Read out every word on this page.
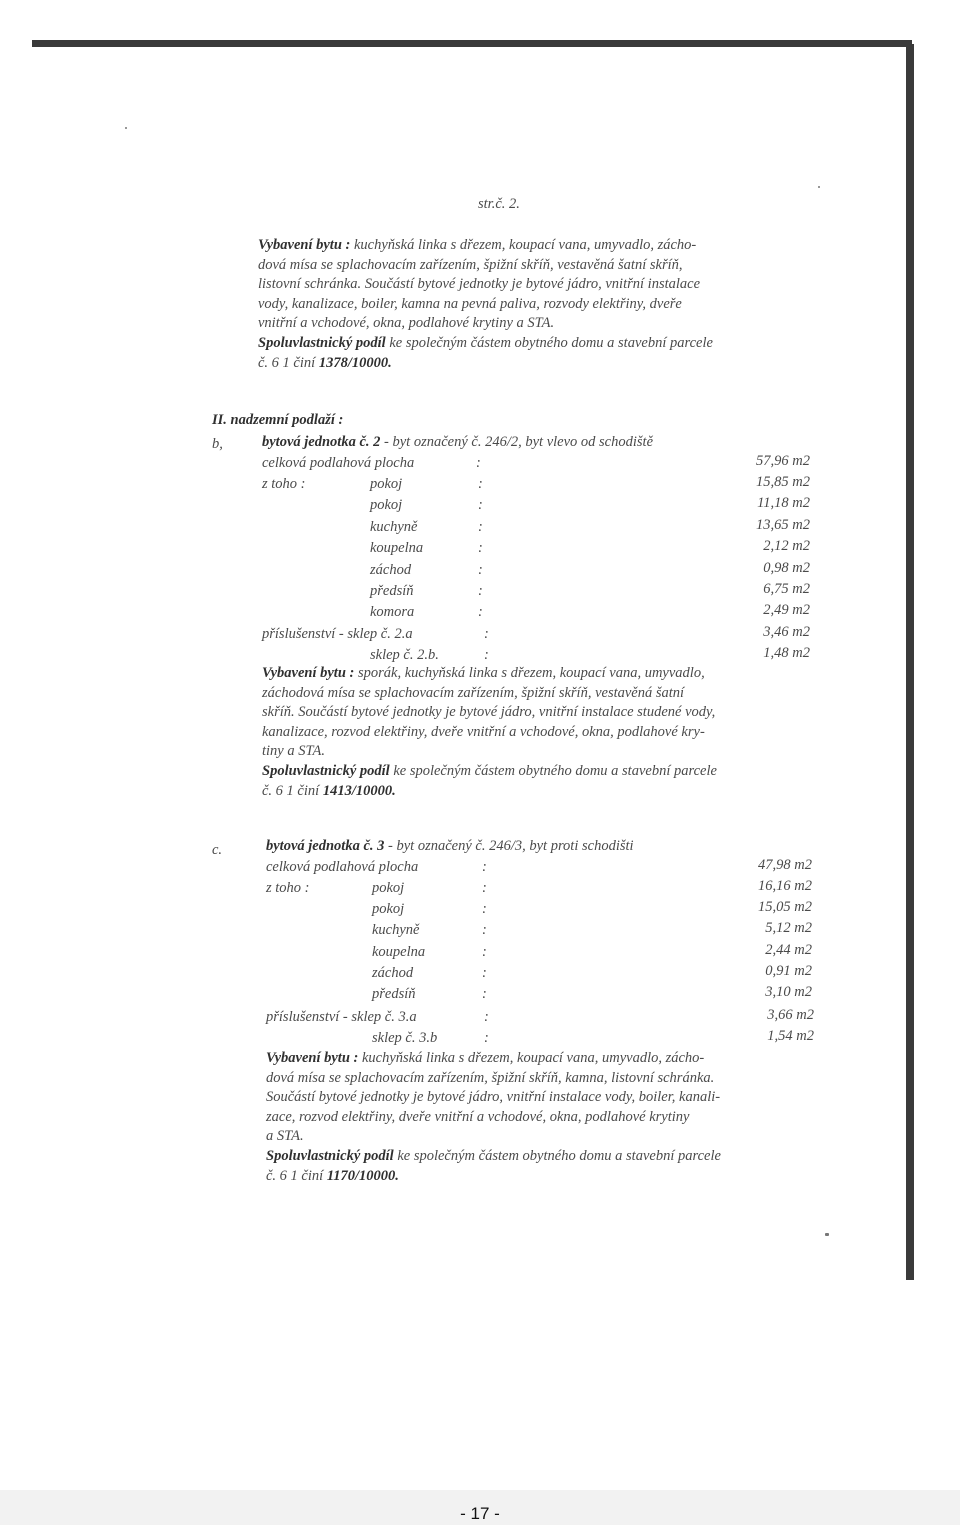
str.č. 2.
Vybavení bytu : kuchyňská linka s dřezem, koupací vana, umyvadlo, zácho-
dová mísa se splachovacím zařízením, špižní skříň, vestavěná šatní skříň,
listovní schránka. Součástí bytové jednotky je bytové jádro, vnitřní instalace
vody, kanalizace, boiler, kamna na pevná paliva, rozvody elektřiny, dveře
vnitřní a vchodové, okna, podlahové krytiny a STA.
Spoluvlastnický podíl ke společným částem obytného domu a stavební parcele
č. 6 1 činí 1378/10000.
II. nadzemní podlaží :
b,	bytová jednotka č. 2 - byt označený č. 246/2, byt vlevo od schodiště
celková podlahová plocha	:	57,96 m2
z toho :	pokoj	:	15,85 m2
pokoj	:	11,18 m2
kuchyně	:	13,65 m2
koupelna	:	2,12 m2
záchod	:	0,98 m2
předsíň	:	6,75 m2
komora	:	2,49 m2
příslušenství - sklep č. 2.a	:	3,46 m2
sklep č. 2.b.	:	1,48 m2
Vybavení bytu : sporák, kuchyňská linka s dřezem, koupací vana, umyvadlo,
záchodová mísa se splachovacím zařízením, špižní skříň, vestavěná šatní
skříň. Součástí bytové jednotky je bytové jádro, vnitřní instalace studené vody,
kanalizace, rozvod elektřiny, dveře vnitřní a vchodové, okna, podlahové kry-
tiny a STA.
Spoluvlastnický podíl ke společným částem obytného domu a stavební parcele
č. 6 1 činí 1413/10000.
c.	bytová jednotka č. 3 - byt označený č. 246/3, byt proti schodišti
celková podlahová plocha	:	47,98 m2
z toho :	pokoj	:	16,16 m2
pokoj	:	15,05 m2
kuchyně	:	5,12 m2
koupelna	:	2,44 m2
záchod	:	0,91 m2
předsíň	:	3,10 m2
příslušenství - sklep č. 3.a	:	3,66 m2
sklep č. 3.b	:	1,54 m2
Vybavení bytu : kuchyňská linka s dřezem, koupací vana, umyvadlo, zácho-
dová mísa se splachovacím zařízením, špižní skříň, kamna, listovní schránka.
Součástí bytové jednotky je bytové jádro, vnitřní instalace vody, boiler, kanali-
zace, rozvod elektřiny, dveře vnitřní a vchodové, okna, podlahové krytiny
a STA.
Spoluvlastnický podíl ke společným částem obytného domu a stavební parcele
č. 6 1 činí 1170/10000.
- 17 -
